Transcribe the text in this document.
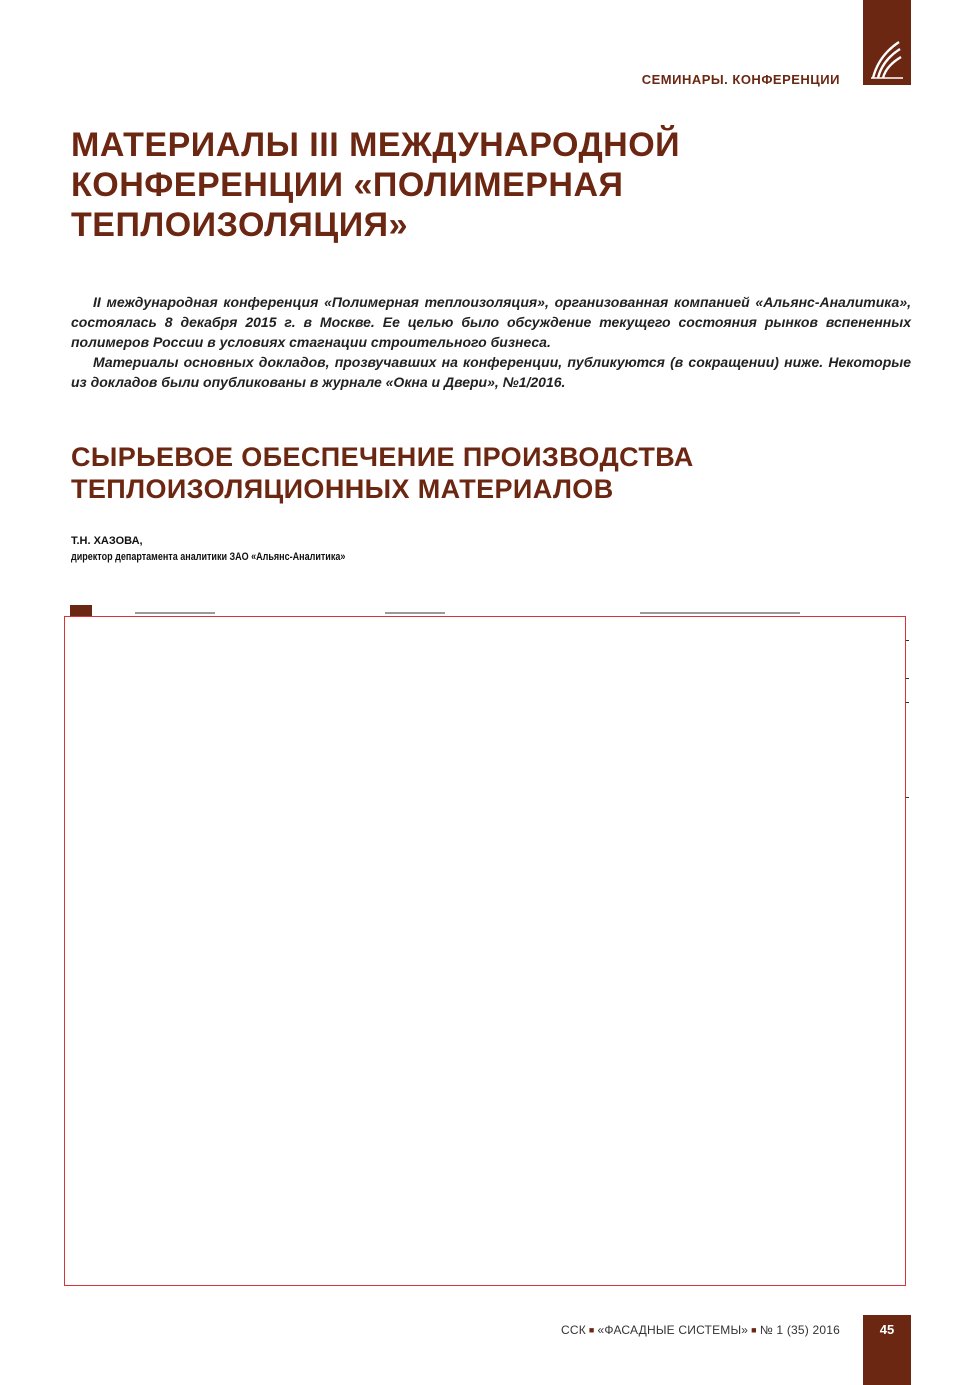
СЕМИНАРЫ. КОНФЕРЕНЦИИ
МАТЕРИАЛЫ III МЕЖДУНАРОДНОЙ КОНФЕРЕНЦИИ «ПОЛИМЕРНАЯ ТЕПЛОИЗОЛЯЦИЯ»

II международная конференция «Полимерная теплоизоляция», организованная компанией «Альянс-Аналитика», состоялась 8 декабря 2015 г. в Москве. Ее целью было обсуждение текущего состояния рынков вспененных полимеров России в условиях стагнации строительного бизнеса.

Материалы основных докладов, прозвучавших на конференции, публикуются (в сокращении) ниже. Некоторые из докладов были опубликованы в журнале «Окна и Двери», №1/2016.

СЫРЬЕВОЕ ОБЕСПЕЧЕНИЕ ПРОИЗВОДСТВА ТЕПЛОИЗОЛЯЦИОННЫХ МАТЕРИАЛОВ
Т.Н. ХАЗОВА,
директор департамента аналитики ЗАО «Альянс-Аналитика»
ССК ■ «ФАСАДНЫЕ СИСТЕМЫ» ■ № 1 (35) 2016	45
